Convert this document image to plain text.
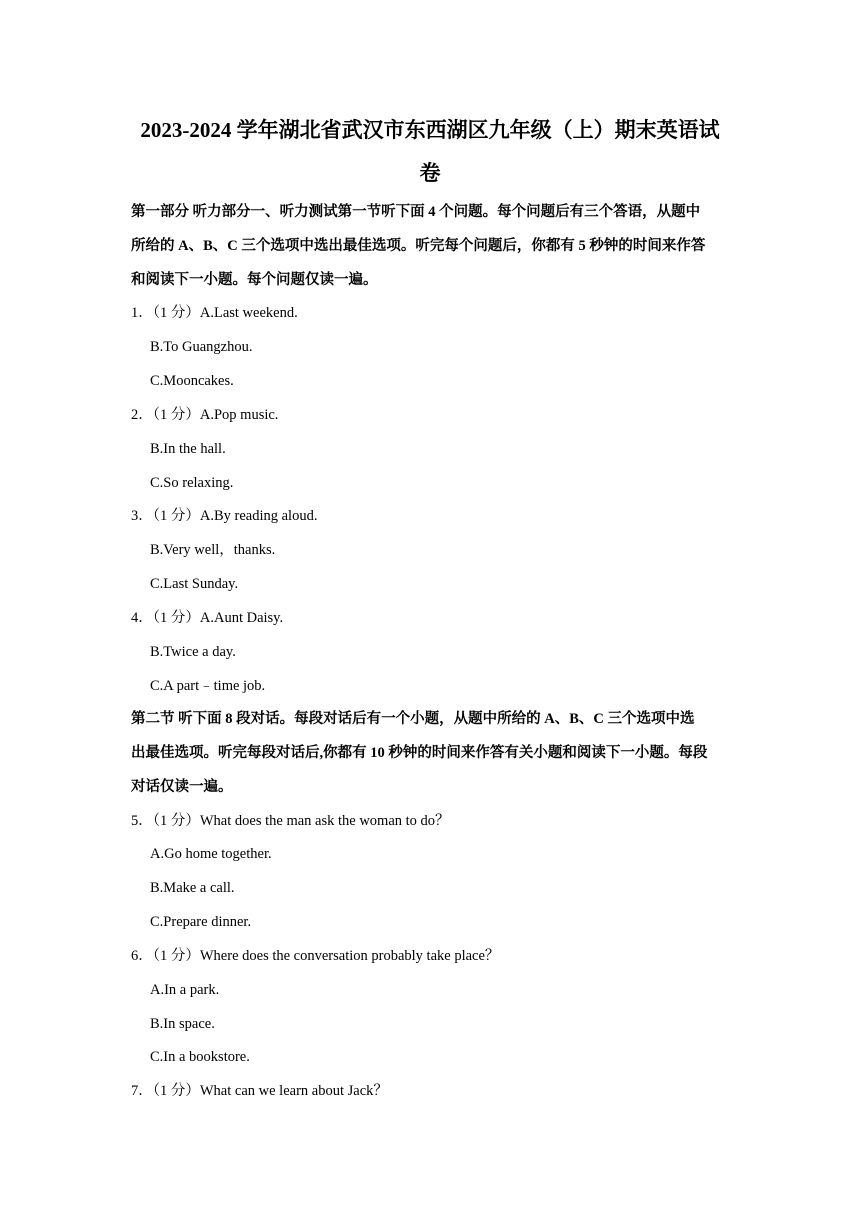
2023-2024 学年湖北省武汉市东西湖区九年级（上）期末英语试
卷
第一部分 听力部分一、听力测试第一节听下面 4 个问题。每个问题后有三个答语，从题中
所给的 A、B、C 三个选项中选出最佳选项。听完每个问题后，你都有 5 秒钟的时间来作答
和阅读下一小题。每个问题仅读一遍。
1．（1 分）A.Last weekend.
B.To Guangzhou.
C.Mooncakes.
2．（1 分）A.Pop music.
B.In the hall.
C.So relaxing.
3．（1 分）A.By reading aloud.
B.Very well，thanks.
C.Last Sunday.
4．（1 分）A.Aunt Daisy.
B.Twice a day.
C.A part﹣time job.
第二节 听下面 8 段对话。每段对话后有一个小题，从题中所给的 A、B、C 三个选项中选
出最佳选项。听完每段对话后,你都有 10 秒钟的时间来作答有关小题和阅读下一小题。每段
对话仅读一遍。
5．（1 分）What does the man ask the woman to do？
A.Go home together.
B.Make a call.
C.Prepare dinner.
6．（1 分）Where does the conversation probably take place？
A.In a park.
B.In space.
C.In a bookstore.
7．（1 分）What can we learn about Jack？
